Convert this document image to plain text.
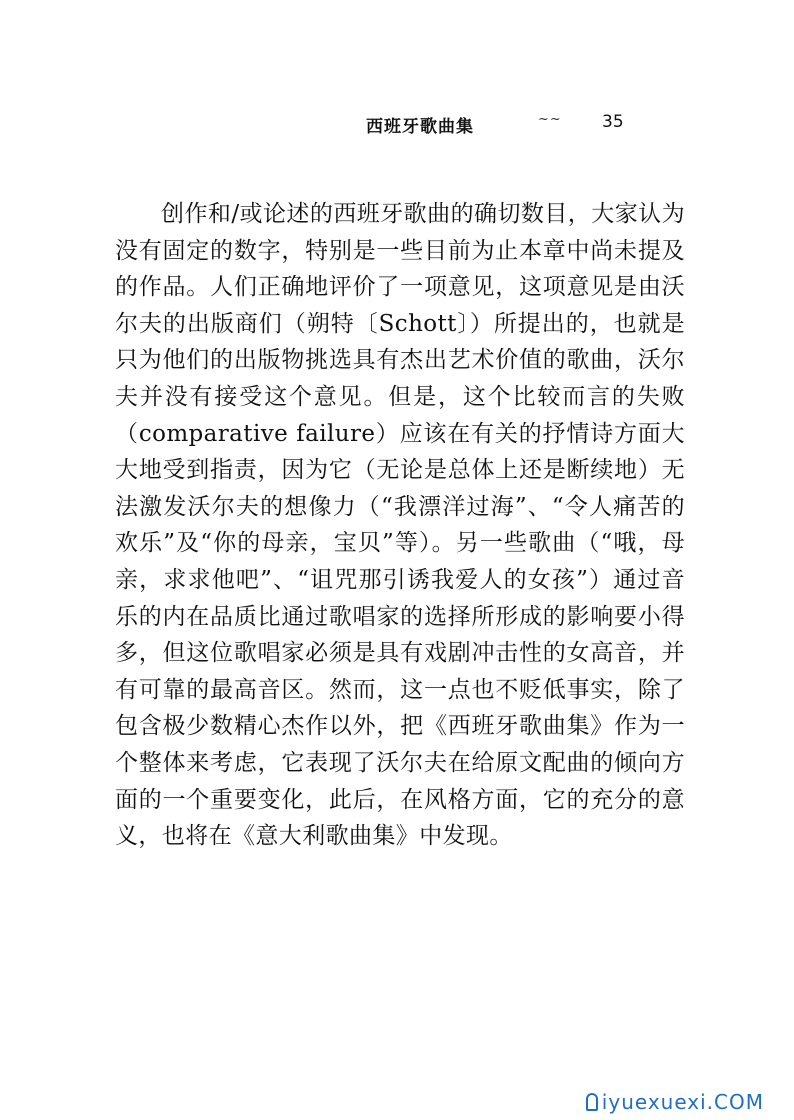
西班牙歌曲集	~~ 35

创作和/或论述的西班牙歌曲的确切数目，大家认为没有固定的数字，特别是一些目前为止本章中尚未提及的作品。人们正确地评价了一项意见，这项意见是由沃尔夫的出版商们（朔特〔Schott〕）所提出的，也就是只为他们的出版物挑选具有杰出艺术价值的歌曲，沃尔夫并没有接受这个意见。但是，这个比较而言的失败（comparative failure）应该在有关的抒情诗方面大大地受到指责，因为它（无论是总体上还是断续地）无法激发沃尔夫的想像力（“我漂洋过海”、“令人痛苦的欢乐”及“你的母亲，宝贝”等）。另一些歌曲（“哦，母亲，求求他吧”、“诅咒那引诱我爱人的女孩”）通过音乐的内在品质比通过歌唱家的选择所形成的影响要小得多，但这位歌唱家必须是具有戏剧冲击性的女高音，并有可靠的最高音区。然而，这一点也不贬低事实，除了包含极少数精心杰作以外，把《西班牙歌曲集》作为一个整体来考虑，它表现了沃尔夫在给原文配曲的倾向方面的一个重要变化，此后，在风格方面，它的充分的意义，也将在《意大利歌曲集》中发现。

iyuexuexi.COM
